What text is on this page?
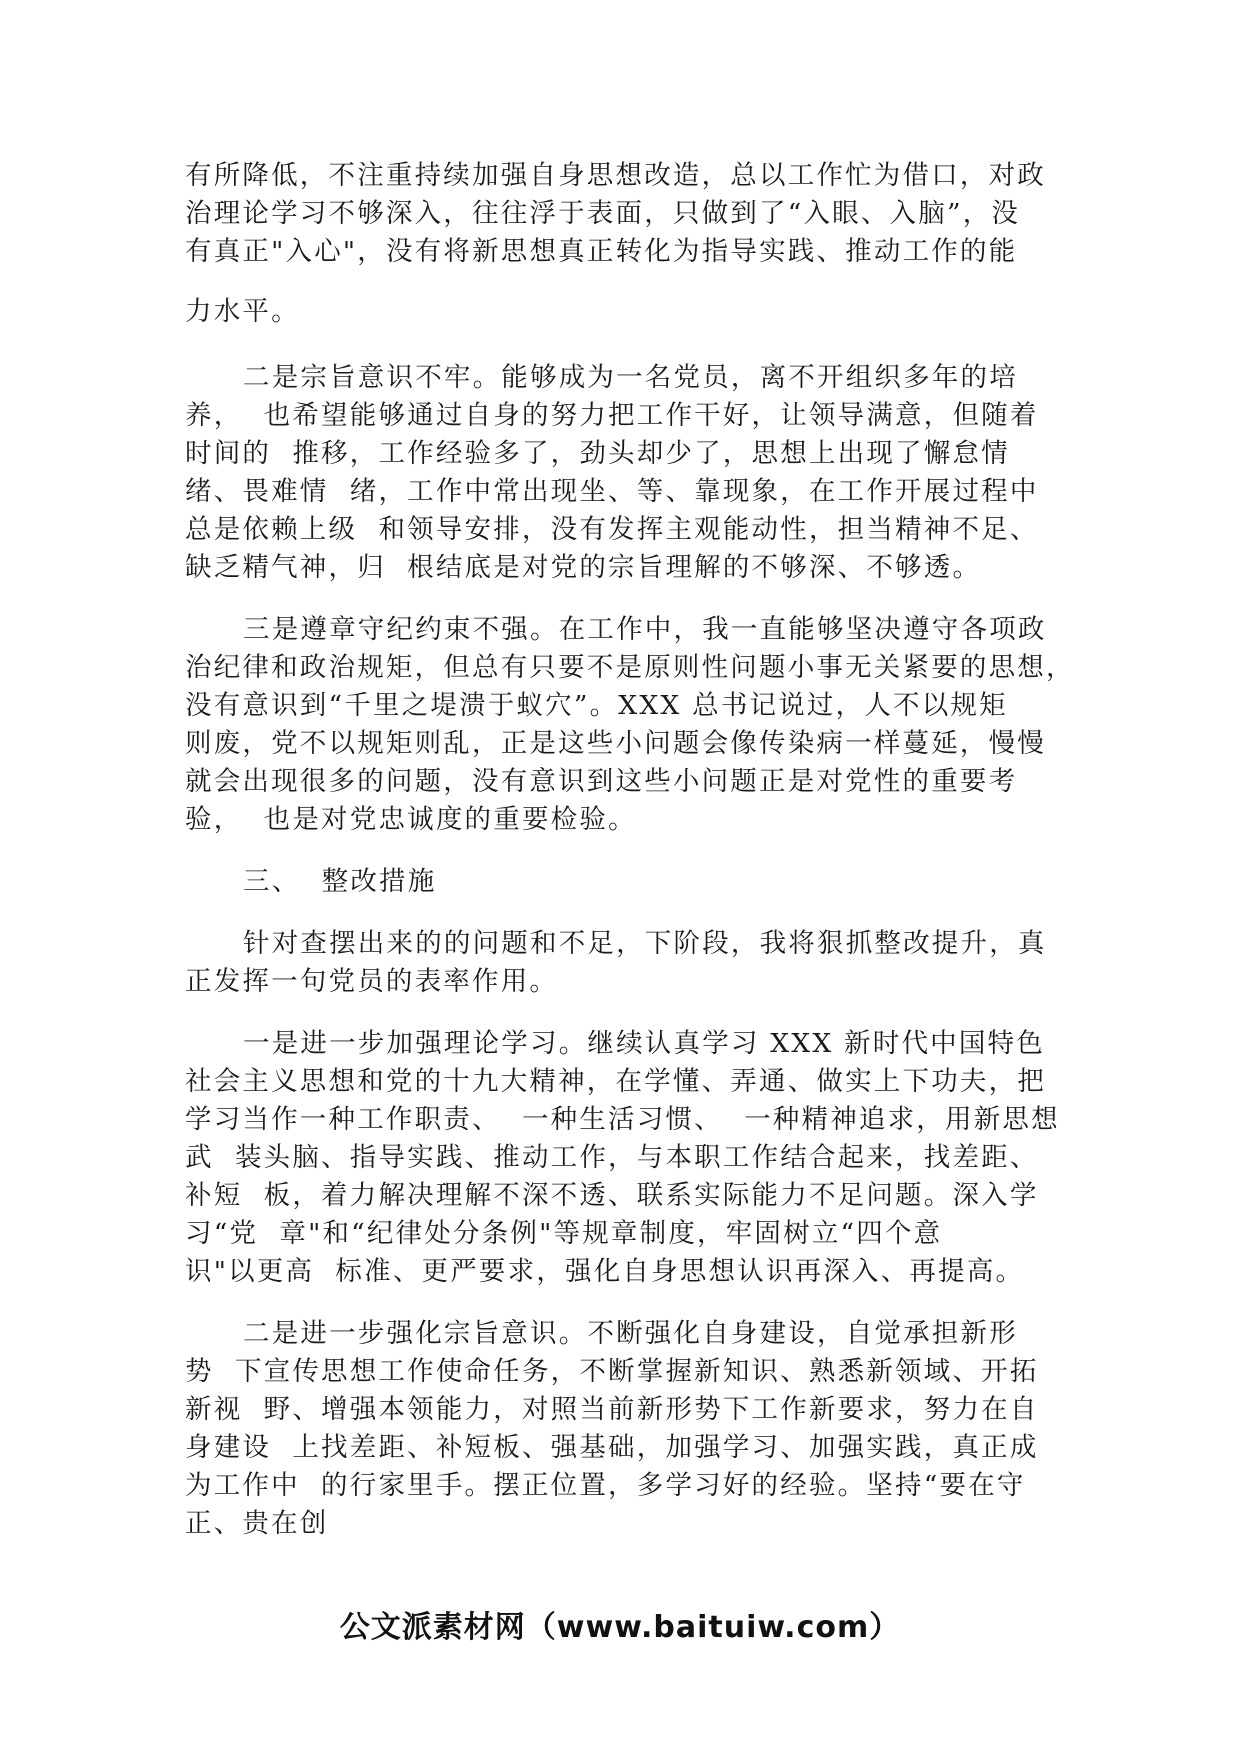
有所降低，不注重持续加强自身思想改造，总以工作忙为借口，对政
治理论学习不够深入，往往浮于表面，只做到了“入眼、入脑”，没
有真正"入心"，没有将新思想真正转化为指导实践、推动工作的能
力水平。
二是宗旨意识不牢。能够成为一名党员，离不开组织多年的培
养，  也希望能够通过自身的努力把工作干好，让领导满意，但随着
时间的  推移，工作经验多了，劲头却少了，思想上出现了懈怠情
绪、畏难情  绪，工作中常出现坐、等、靠现象，在工作开展过程中
总是依赖上级  和领导安排，没有发挥主观能动性，担当精神不足、
缺乏精气神，归  根结底是对党的宗旨理解的不够深、不够透。
三是遵章守纪约束不强。在工作中，我一直能够坚决遵守各项政
治纪律和政治规矩，但总有只要不是原则性问题小事无关紧要的思想，
没有意识到“千里之堤溃于蚁穴”。XXX 总书记说过，人不以规矩
则废，党不以规矩则乱，正是这些小问题会像传染病一样蔓延，慢慢
就会出现很多的问题，没有意识到这些小问题正是对党性的重要考
验，  也是对党忠诚度的重要检验。
三、  整改措施
针对查摆出来的的问题和不足，下阶段，我将狠抓整改提升，真
正发挥一句党员的表率作用。
一是进一步加强理论学习。继续认真学习 XXX 新时代中国特色
社会主义思想和党的十九大精神，在学懂、弄通、做实上下功夫，把
学习当作一种工作职责、  一种生活习惯、  一种精神追求，用新思想
武  装头脑、指导实践、推动工作，与本职工作结合起来，找差距、
补短  板，着力解决理解不深不透、联系实际能力不足问题。深入学
习“党  章"和“纪律处分条例"等规章制度，牢固树立“四个意
识"以更高  标准、更严要求，强化自身思想认识再深入、再提高。
二是进一步强化宗旨意识。不断强化自身建设，自觉承担新形
势  下宣传思想工作使命任务，不断掌握新知识、熟悉新领域、开拓
新视  野、增强本领能力，对照当前新形势下工作新要求，努力在自
身建设  上找差距、补短板、强基础，加强学习、加强实践，真正成
为工作中  的行家里手。摆正位置，多学习好的经验。坚持“要在守
正、贵在创
公文派素材网（www.baituiw.com）
